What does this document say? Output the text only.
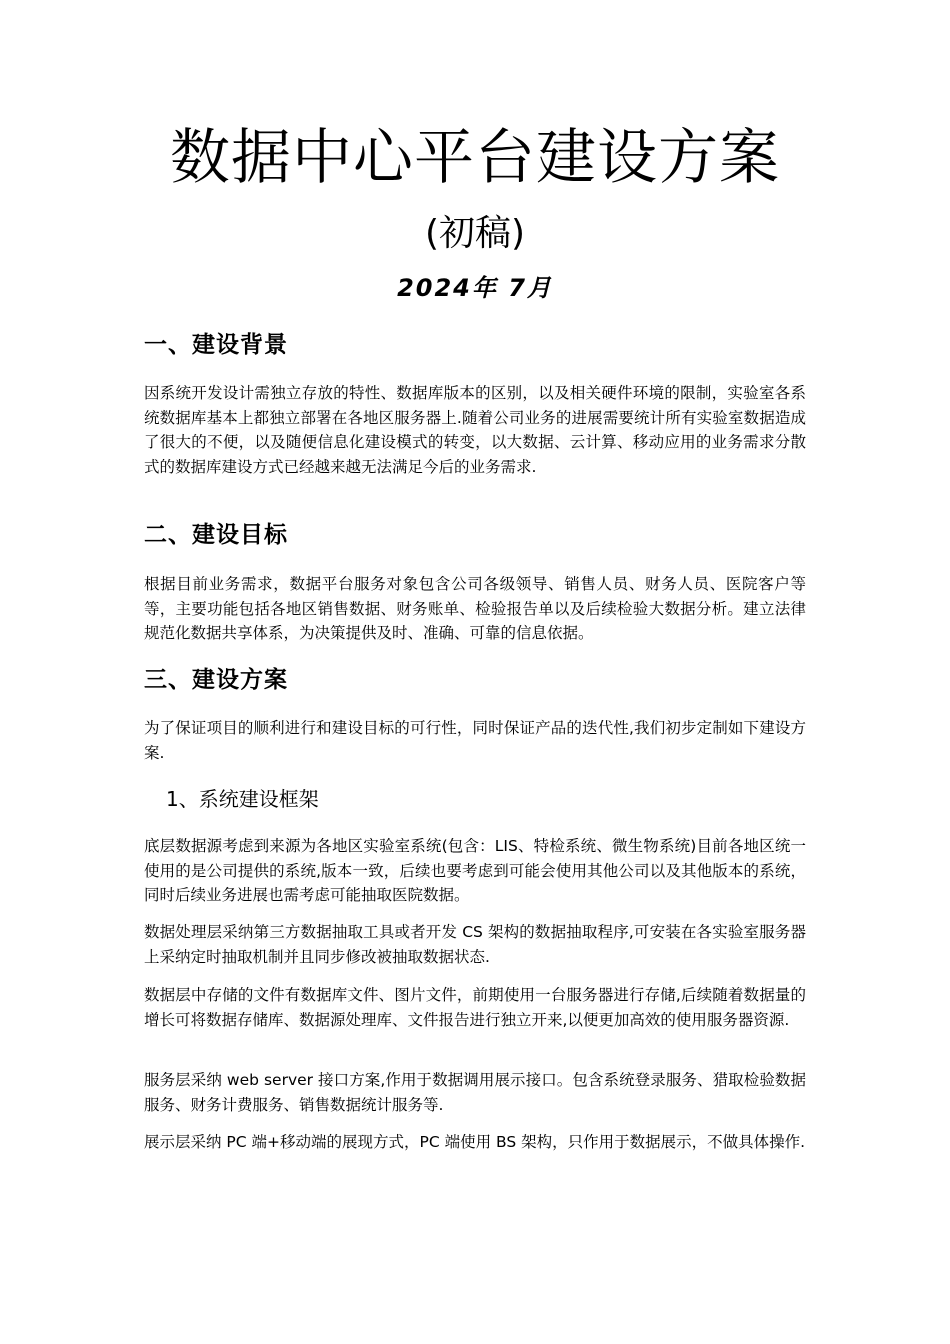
数据中心平台建设方案
(初稿)
2024年 7月
一、建设背景
因系统开发设计需独立存放的特性、数据库版本的区别，以及相关硬件环境的限制，实验室各系统数据库基本上都独立部署在各地区服务器上.随着公司业务的进展需要统计所有实验室数据造成了很大的不便，以及随便信息化建设模式的转变，以大数据、云计算、移动应用的业务需求分散式的数据库建设方式已经越来越无法满足今后的业务需求.
二、建设目标
根据目前业务需求，数据平台服务对象包含公司各级领导、销售人员、财务人员、医院客户等等，主要功能包括各地区销售数据、财务账单、检验报告单以及后续检验大数据分析。建立法律规范化数据共享体系，为决策提供及时、准确、可靠的信息依据。
三、建设方案
为了保证项目的顺利进行和建设目标的可行性，同时保证产品的迭代性,我们初步定制如下建设方案.
1、系统建设框架
底层数据源考虑到来源为各地区实验室系统(包含：LIS、特检系统、微生物系统)目前各地区统一使用的是公司提供的系统,版本一致，后续也要考虑到可能会使用其他公司以及其他版本的系统，同时后续业务进展也需考虑可能抽取医院数据。
数据处理层采纳第三方数据抽取工具或者开发 CS 架构的数据抽取程序,可安装在各实验室服务器上采纳定时抽取机制并且同步修改被抽取数据状态.
数据层中存储的文件有数据库文件、图片文件，前期使用一台服务器进行存储,后续随着数据量的增长可将数据存储库、数据源处理库、文件报告进行独立开来,以便更加高效的使用服务器资源.
服务层采纳 web server 接口方案,作用于数据调用展示接口。包含系统登录服务、猎取检验数据服务、财务计费服务、销售数据统计服务等.
展示层采纳 PC 端+移动端的展现方式，PC 端使用 BS 架构，只作用于数据展示，不做具体操作.
